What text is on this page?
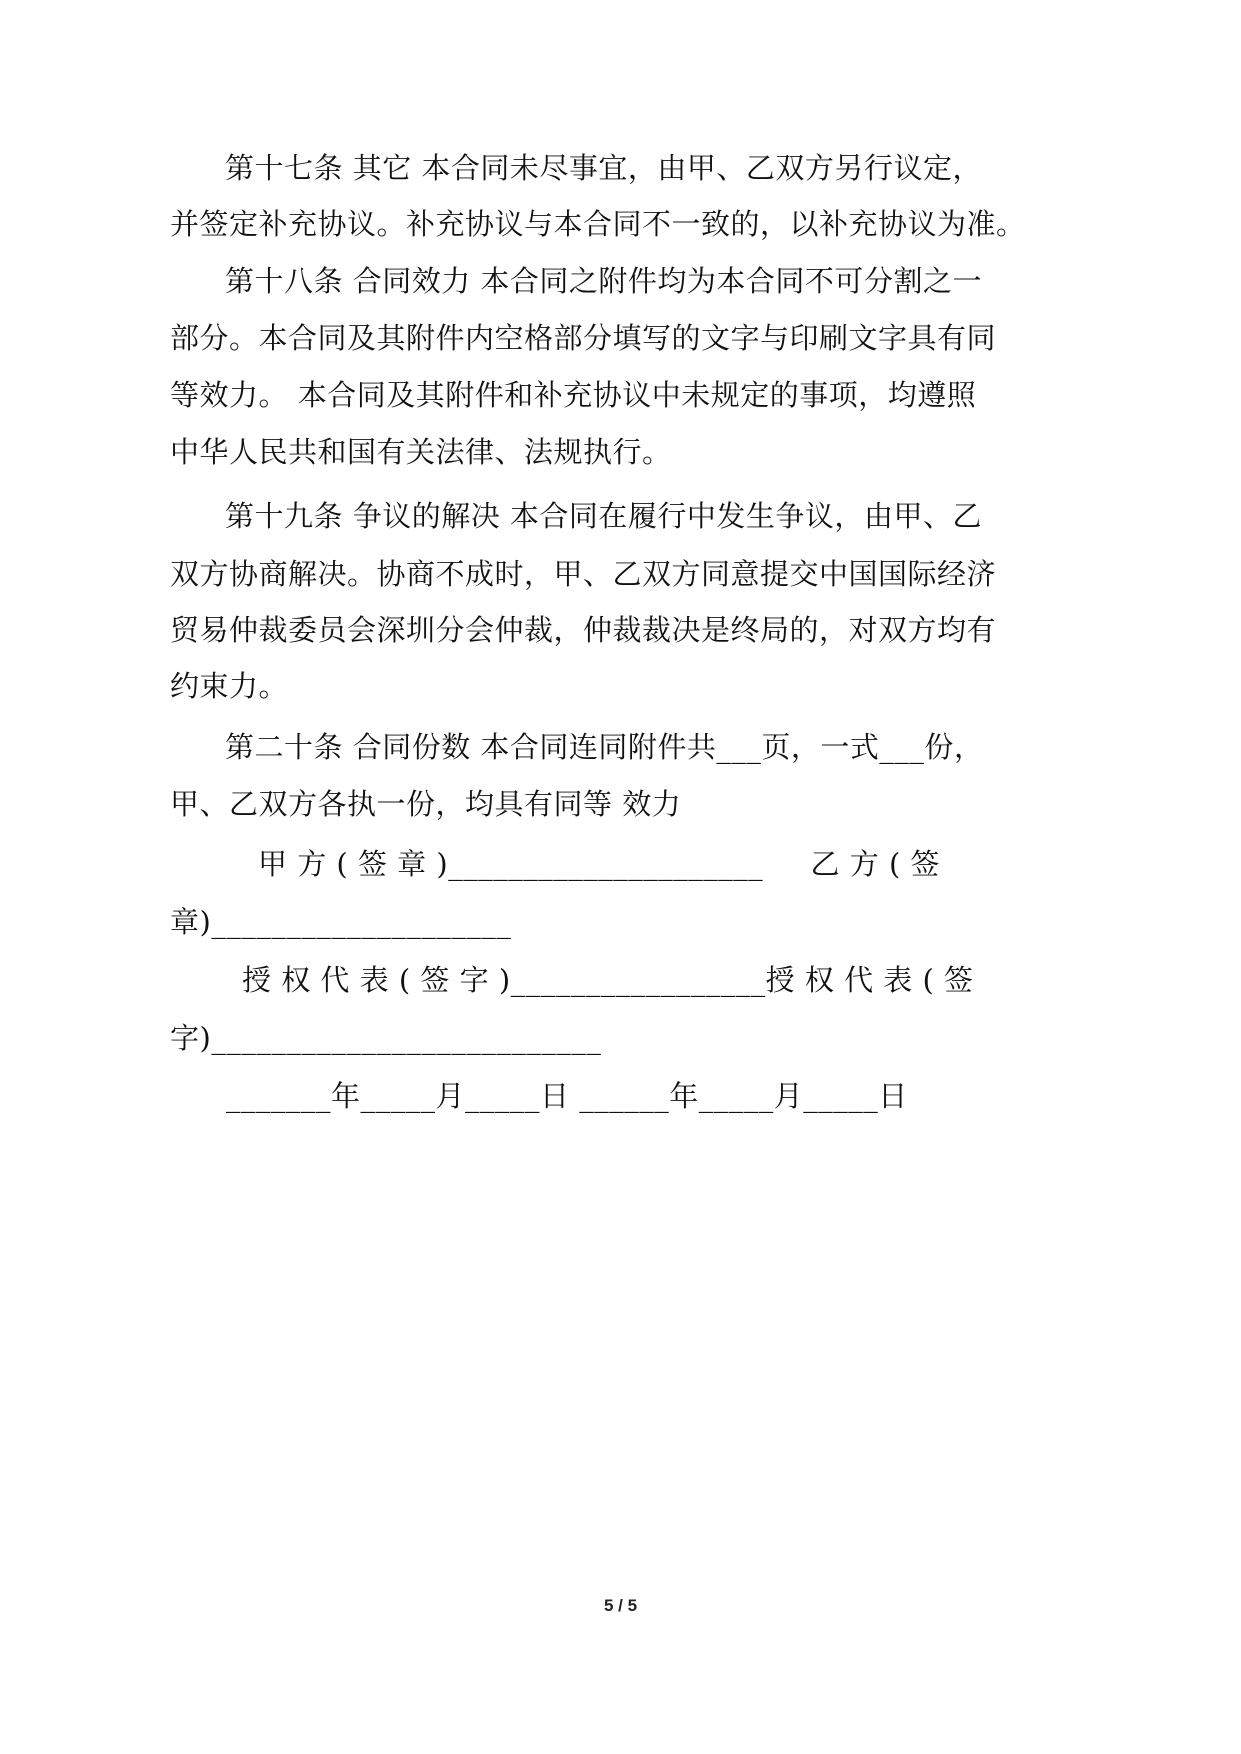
第十七条 其它 本合同未尽事宜，由甲、乙双方另行议定，
并签定补充协议。补充协议与本合同不一致的，以补充协议为准。
第十八条 合同效力 本合同之附件均为本合同不可分割之一
部分。本合同及其附件内空格部分填写的文字与印刷文字具有同
等效力。 本合同及其附件和补充协议中未规定的事项，均遵照
中华人民共和国有关法律、法规执行。
第十九条 争议的解决 本合同在履行中发生争议，由甲、乙
双方协商解决。协商不成时，甲、乙双方同意提交中国国际经济
贸易仲裁委员会深圳分会仲裁，仲裁裁决是终局的，对双方均有
约束力。
第二十条 合同份数 本合同连同附件共___页，一式___份，
甲、乙双方各执一份，均具有同等 效力
甲 方 ( 签 章 )_____________________ 乙 方 ( 签
章)____________________
授 权 代 表 ( 签 字 )_________________ 授 权 代 表 ( 签
字)__________________________
_______年_____月_____日 ______年_____月_____日
5 / 5
